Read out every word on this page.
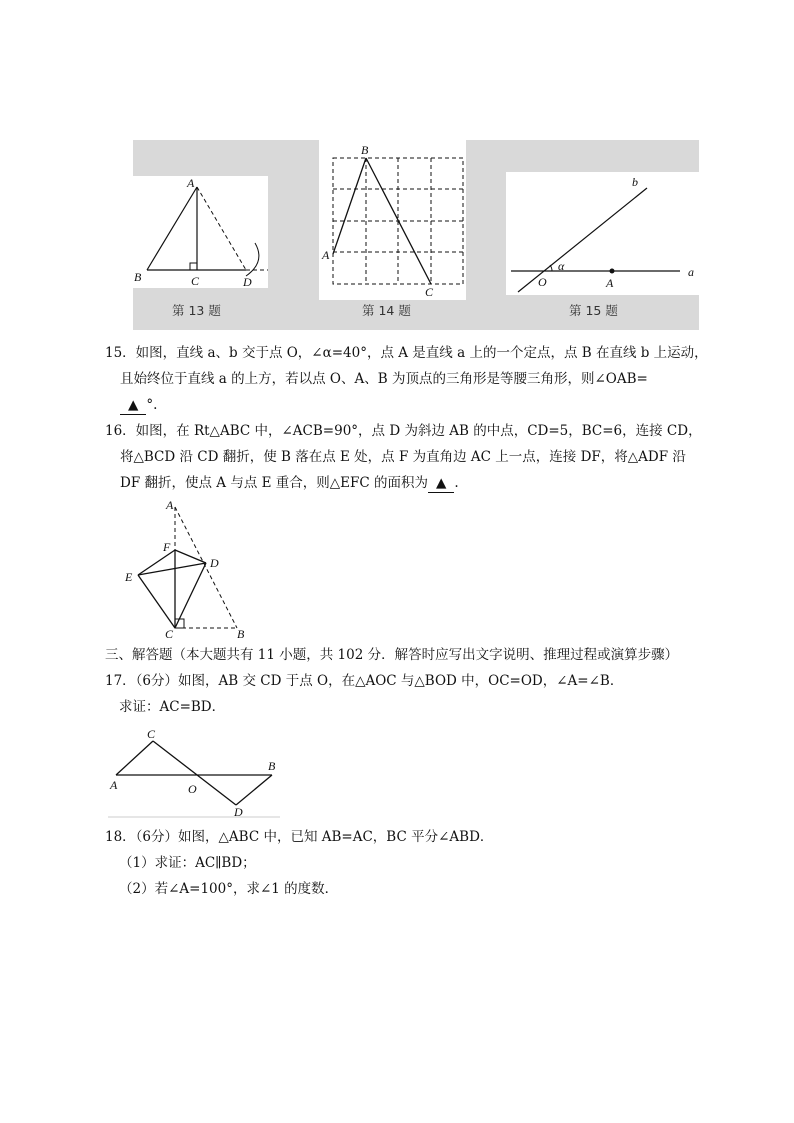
A
B	C	D
第 13 题
B
A
C
第 14 题
b
α
O	A
a
第 15 题
15．如图，直线 a、b 交于点 O，∠α=40°，点 A 是直线 a 上的一个定点，点 B 在直线 b 上运动，
且始终位于直线 a 的上方，若以点 O、A、B 为顶点的三角形是等腰三角形，则∠OAB=
▲ °.
16．如图，在 Rt△ABC 中，∠ACB=90°，点 D 为斜边 AB 的中点，CD=5，BC=6，连接 CD，
将△BCD 沿 CD 翻折，使 B 落在点 E 处，点 F 为直角边 AC 上一点，连接 DF，将△ADF 沿
DF 翻折，使点 A 与点 E 重合，则△EFC 的面积为 ▲ .
A
F
D
E
C	B
三、解答题（本大题共有 11 小题，共 102 分．解答时应写出文字说明、推理过程或演算步骤）
17．（6分）如图，AB 交 CD 于点 O，在△AOC 与△BOD 中，OC=OD，∠A=∠B．
求证：AC=BD．
C
B
A	O
D
18．（6分）如图，△ABC 中，已知 AB=AC，BC 平分∠ABD．
（1）求证：AC∥BD；
（2）若∠A=100°，求∠1 的度数．
